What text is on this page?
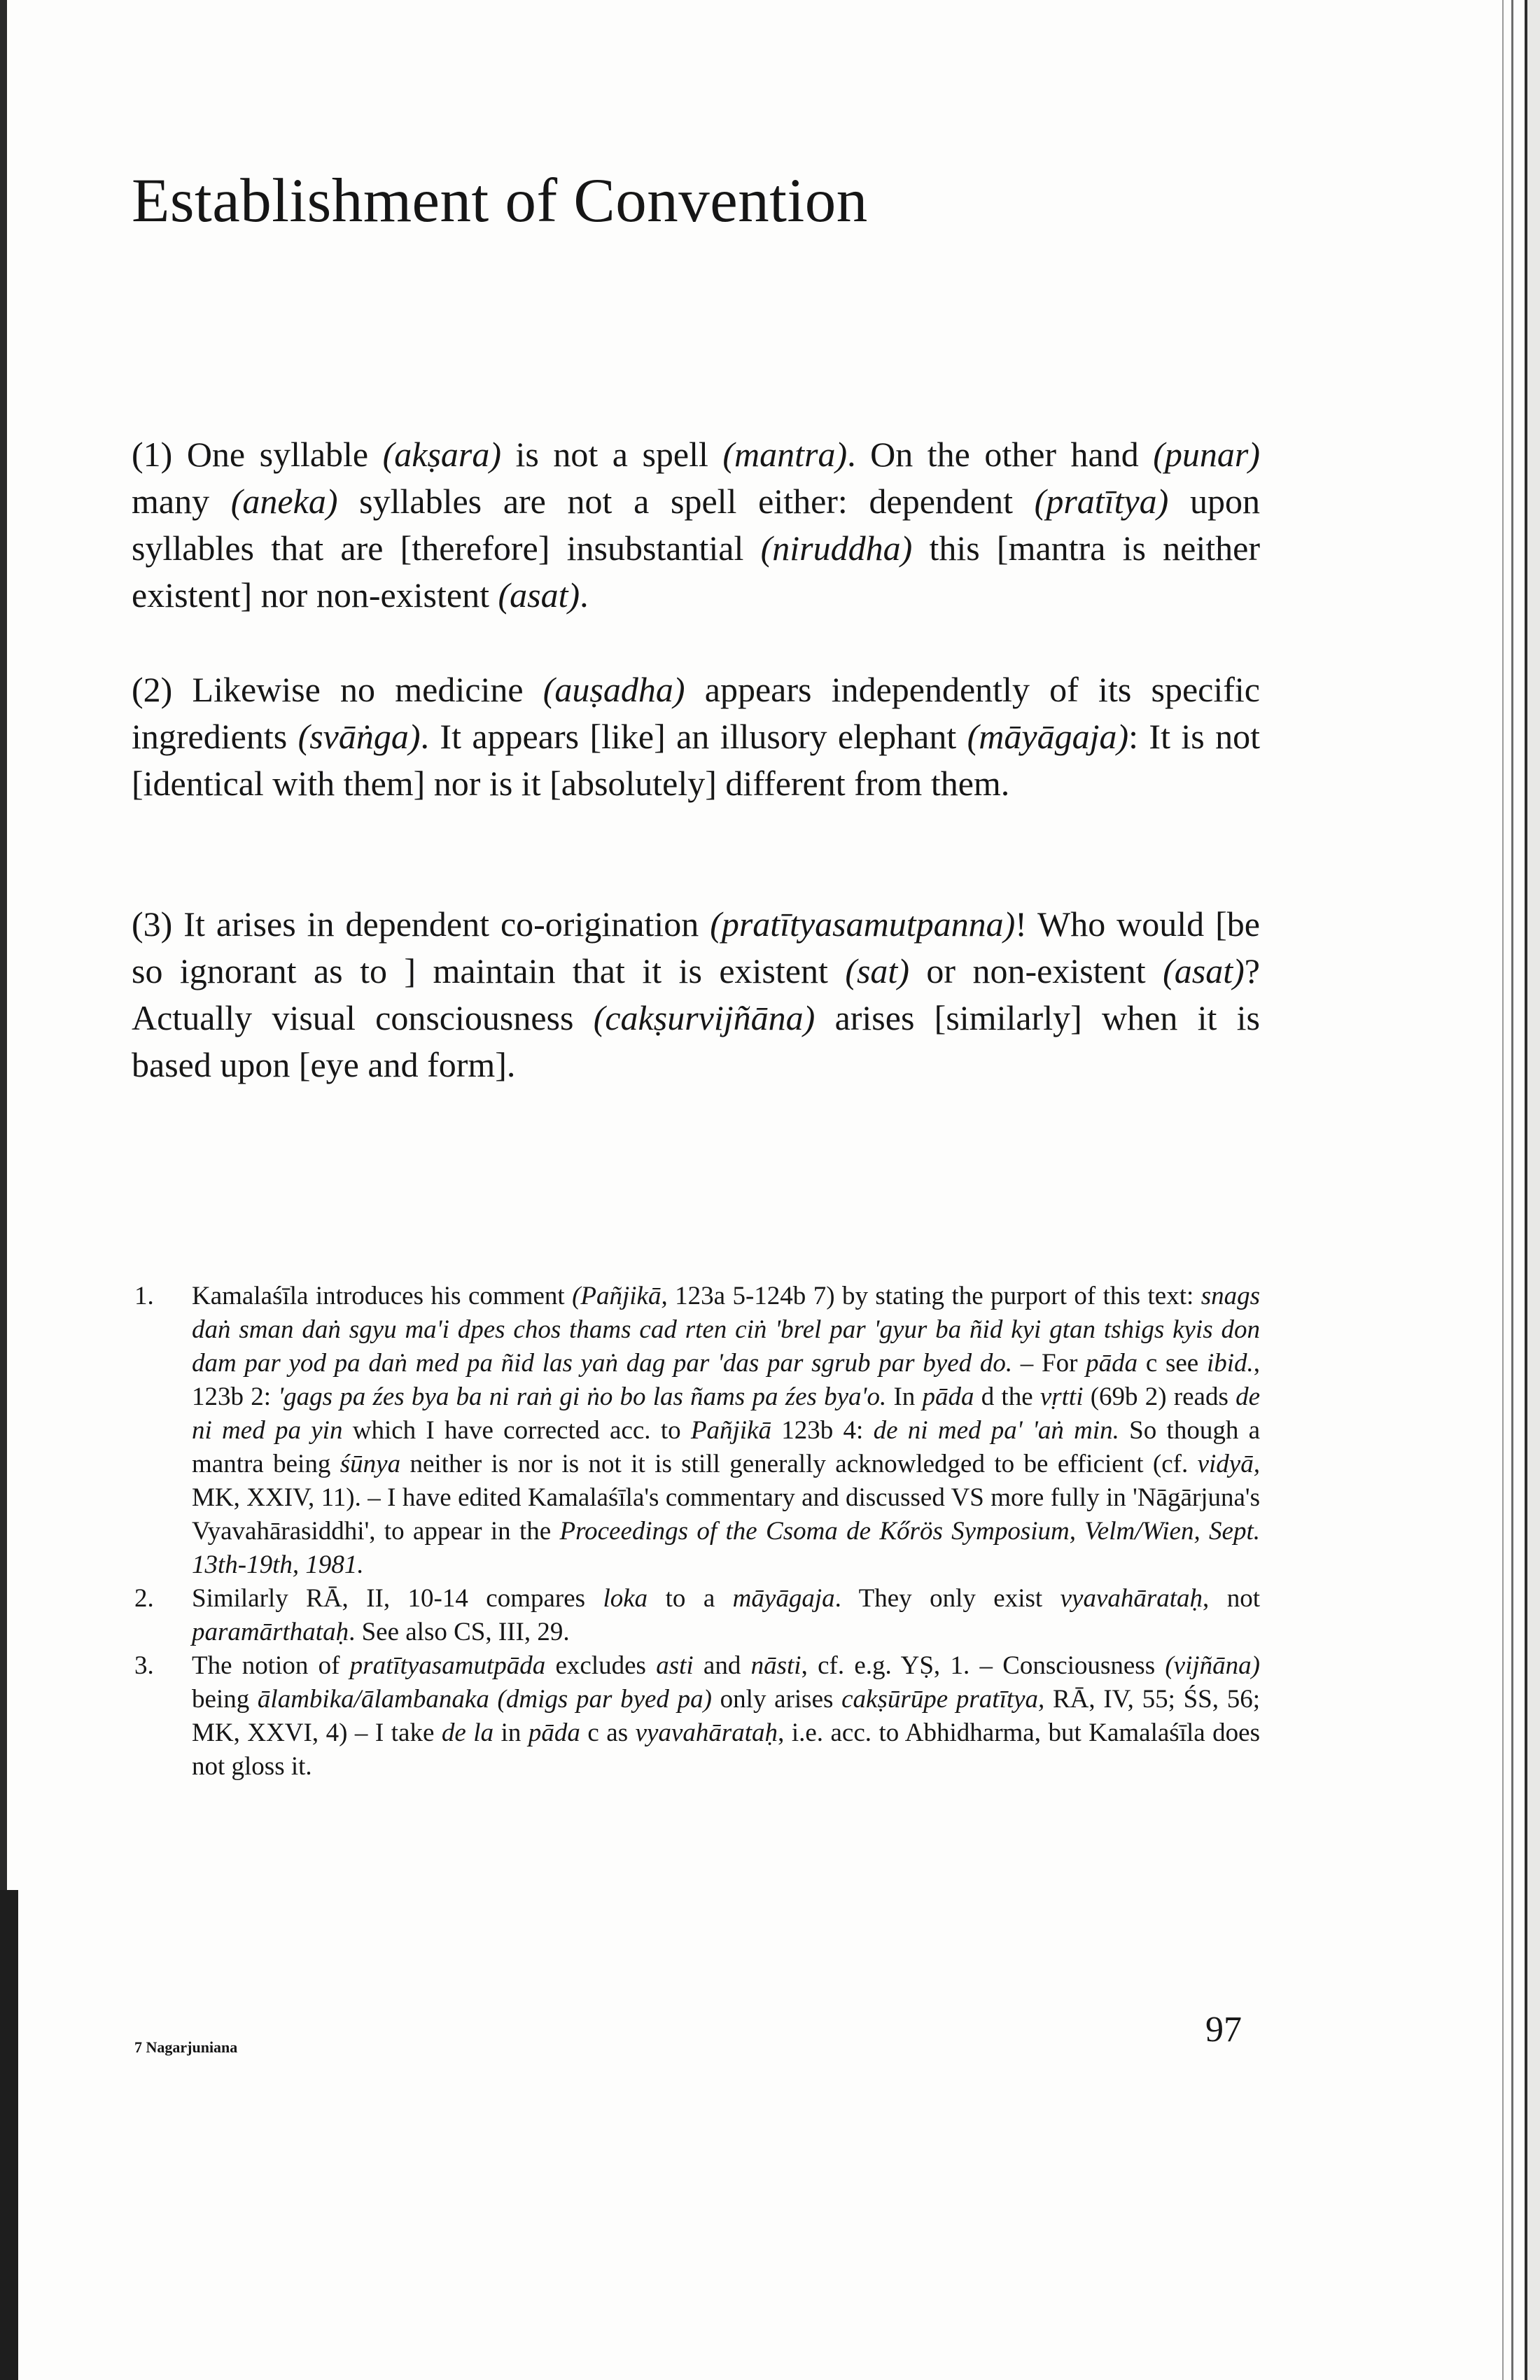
Establishment of Convention

(1) One syllable (akṣara) is not a spell (mantra). On the other hand (punar) many (aneka) syllables are not a spell either: dependent (pratītya) upon syllables that are [therefore] insubstantial (niruddha) this [mantra is neither existent] nor non-existent (asat).

(2) Likewise no medicine (auṣadha) appears independently of its specific ingredients (svāṅga). It appears [like] an illusory elephant (māyāgaja): It is not [identical with them] nor is it [absolutely] different from them.

(3) It arises in dependent co-origination (pratītyasamutpanna)! Who would [be so ignorant as to ] maintain that it is existent (sat) or non-existent (asat)? Actually visual consciousness (cakṣurvijñāna) arises [similarly] when it is based upon [eye and form].

1. Kamalaśīla introduces his comment (Pañjikā, 123a 5-124b 7) by stating the purport of this text: snags daṅ sman daṅ sgyu ma'i dpes chos thams cad rten ciṅ 'brel par 'gyur ba ñid kyi gtan tshigs kyis don dam par yod pa daṅ med pa ñid las yaṅ dag par 'das par sgrub par byed do. – For pāda c see ibid., 123b 2: 'gags pa źes bya ba ni raṅ gi ṅo bo las ñams pa źes bya'o. In pāda d the vṛtti (69b 2) reads de ni med pa yin which I have corrected acc. to Pañjikā 123b 4: de ni med pa' 'aṅ min. So though a mantra being śūnya neither is nor is not it is still generally acknowledged to be efficient (cf. vidyā, MK, XXIV, 11). – I have edited Kamalaśīla's commentary and discussed VS more fully in 'Nāgārjuna's Vyavahārasiddhi', to appear in the Proceedings of the Csoma de Kőrös Symposium, Velm/Wien, Sept. 13th-19th, 1981.
2. Similarly RĀ, II, 10-14 compares loka to a māyāgaja. They only exist vyavahārataḥ, not paramārthataḥ. See also CS, III, 29.
3. The notion of pratītyasamutpāda excludes asti and nāsti, cf. e.g. YṢ, 1. – Consciousness (vijñāna) being ālambika/ālambanaka (dmigs par byed pa) only arises cakṣūrūpe pratītya, RĀ, IV, 55; ŚS, 56; MK, XXVI, 4) – I take de la in pāda c as vyavahārataḥ, i.e. acc. to Abhidharma, but Kamalaśīla does not gloss it.
7 Nagarjuniana	97
